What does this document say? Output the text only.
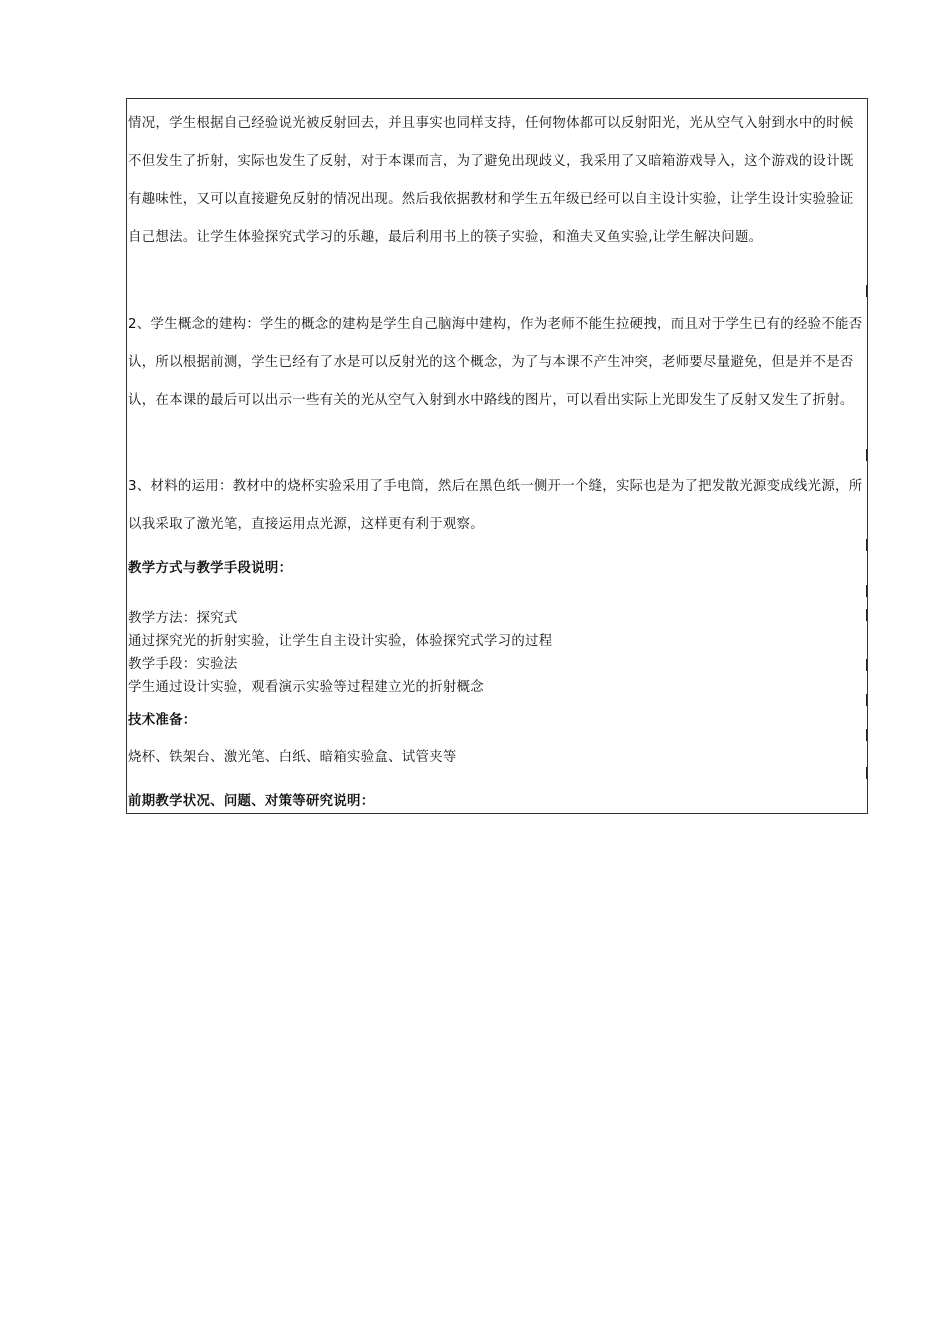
情况，学生根据自己经验说光被反射回去，并且事实也同样支持，任何物体都可以反射阳光，光从空气入射到水中的时候不但发生了折射，实际也发生了反射，对于本课而言，为了避免出现歧义，我采用了又暗箱游戏导入，这个游戏的设计既有趣味性，又可以直接避免反射的情况出现。然后我依据教材和学生五年级已经可以自主设计实验，让学生设计实验验证自己想法。让学生体验探究式学习的乐趣，最后利用书上的筷子实验，和渔夫叉鱼实验,让学生解决问题。

2、学生概念的建构：学生的概念的建构是学生自己脑海中建构，作为老师不能生拉硬拽，而且对于学生已有的经验不能否认，所以根据前测，学生已经有了水是可以反射光的这个概念，为了与本课不产生冲突，老师要尽量避免，但是并不是否认，在本课的最后可以出示一些有关的光从空气入射到水中路线的图片，可以看出实际上光即发生了反射又发生了折射。

3、材料的运用：教材中的烧杯实验采用了手电筒，然后在黑色纸一侧开一个缝，实际也是为了把发散光源变成线光源，所以我采取了激光笔，直接运用点光源，这样更有利于观察。

教学方式与教学手段说明：

教学方法：探究式

通过探究光的折射实验，让学生自主设计实验，体验探究式学习的过程

教学手段：实验法

学生通过设计实验，观看演示实验等过程建立光的折射概念

技术准备：

烧杯、铁架台、激光笔、白纸、暗箱实验盒、试管夹等

前期教学状况、问题、对策等研究说明：
